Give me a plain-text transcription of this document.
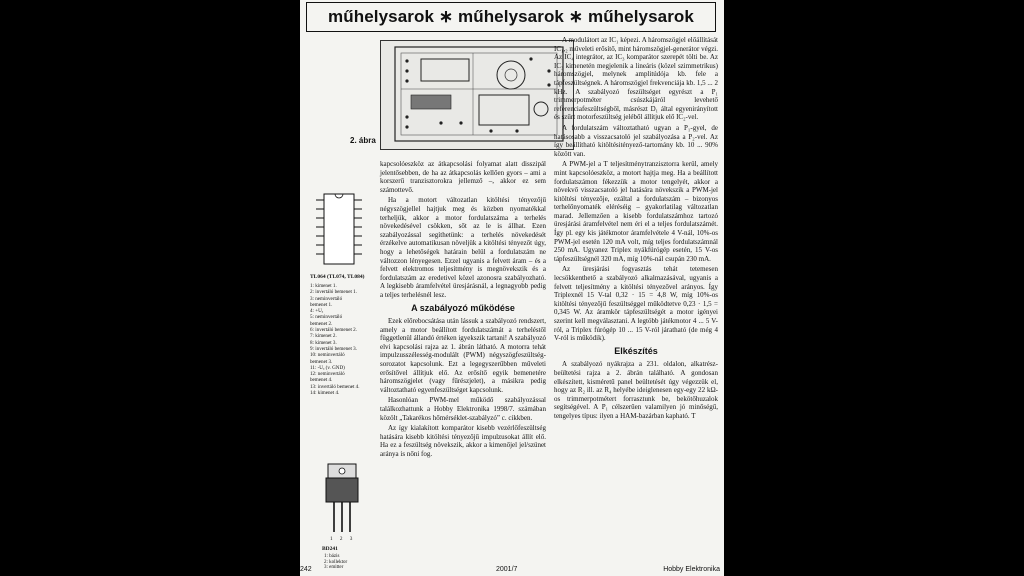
műhelysarok ∗ műhelysarok ∗ műhelysarok
2. ábra
TL064 (TL074, TL084)
1: kimenet 1.
2: invertáló bemenet 1.
3: neminvertáló
bemenet 1.
4: +Uₐ
5: neminvertáló
bemenet 2.
6: invertáló bemenet 2.
7: kimenet 2.
8: kimenet 3.
9: invertáló bemenet 3.
10: neminvertáló
bemenet 3.
11: -Uₐ (v. GND)
12: neminvertáló
bemenet 4.
13: invertáló bemenet 4.
14: kimenet 4.
1 2 3
BD241
1: bázis
2: kollektor
3: emitter

kapcsolóeszköz az átkapcsolási folyamat alatt disszipál jelentősebben, de ha az átkapcsolás kellően gyors – ami a korszerű tranzisztorokra jellemző –, akkor ez sem számottevő.

Ha a motort változatlan kitöltési tényezőjű négyszögjellel hajtjuk meg és közben nyomatékkal terheljük, akkor a motor fordulatszáma a terhelés növekedésével csökken, sőt az le is állhat. Ezen szabályozással segíthetünk: a terhelés növekedését érzékelve automatikusan növeljük a kitöltési tényezőt úgy, hogy a lehetőségek határain belül a fordulatszám ne változzon lényegesen. Ezzel ugyanis a felvett áram – és a felvett elektromos teljesítmény is megnövekszik és a fordulatszám az eredetivel közel azonosra szabályozható. A legkisebb áramfelvétel üresjárásnál, a legnagyobb pedig a teljes terhelésnél lesz.

A szabályozó működése

Ezek előrebocsátása után lássuk a szabályozó rendszert, amely a motor beállított fordulatszámát a terheléstől függetlenül állandó értéken igyekszik tartani! A szabályozó elvi kapcsolási rajza az 1. ábrán látható. A motorra tehát impulzusszélesség-modulált (PWM) négyszögfeszültség-sorozatot kapcsolunk. Ezt a legegyszerűbben műveleti erősítővel állítjuk elő. Az erősítő egyik bemenetére háromszögjelet (vagy fűrészjelet), a másikra pedig változtatható egyenfeszültséget kapcsolunk.

Hasonlóan PWM-mel működő szabályozással találkozhattunk a Hobby Elektronika 1998/7. számában közölt „Takarékos hőmérséklet-szabályzó” c. cikkben.

Az így kialakított komparátor kisebb vezérlőfeszültség hatására kisebb kitöltési tényezőjű impulzusokat állít elő. Ha ez a feszültség növekszik, akkor a kimenőjel jel/szünet aránya is nőni fog.

A modulátort az IC₁ képezi. A háromszögjel előállítását IC₁,₂ műveleti erősítő, mint háromszögjel-generátor végzi. Az IC₄ integrátor, az IC₃ komparátor szerepét tölti be. Az IC₃ kimenetén megjelenik a lineáris (közel szimmetrikus) háromszögjel, melynek amplitúdója kb. fele a tápfeszültségnek. A háromszögjel frekvenciája kb. 1,5 ... 2 kHz. A szabályozó feszültséget egyrészt a P₁ trimmerpotméter csúszkájáról levehető referenciafeszültségből, másrészt D₁ által egyenirányított és szűrt motorfeszültség jeléből állítjuk elő IC₂-vel.

A fordulatszám változtatható ugyan a P₁-gyel, de hatásosabb a visszacsatoló jel szabályozása a P₂-vel. Az így beállítható kitöltésitényező-tartomány kb. 10 ... 90% között van.

A PWM-jel a T teljesítménytranzisztorra kerül, amely mint kapcsolóeszköz, a motort hajtja meg. Ha a beállított fordulatszámon fékezzük a motor tengelyét, akkor a növekvő visszacsatoló jel hatására növekszik a PWM-jel kitöltési tényezője, ezáltal a fordulatszám – bizonyos terhelőnyomaték eléréséig – gyakorlatilag változatlan marad. Jellemzően a kisebb fordulatszámhoz tartozó üresjárási áramfelvétel nem éri el a teljes fordulatszámét. Így pl. egy kis játékmotor áramfelvétele 4 V-nál, 10%-os PWM-jel esetén 120 mA volt, míg teljes fordulatszámnál 250 mA. Ugyanez Triplex nyákfúrógép esetén, 15 V-os tápfeszültségnél 320 mA, míg 10%-nál csupán 230 mA.

Az üresjárási fogyasztás tehát tetemesen lecsökkenthető a szabályozó alkalmazásával, ugyanis a felvett teljesítmény a kitöltési tényezővel arányos. Így Triplexnél 15 V-tal 0,32 · 15 = 4,8 W, míg 10%-os kitöltési tényezőjű feszültséggel működtetve 0,23 · 1,5 = 0,345 W. Az áramkör tápfeszültségét a motor igényei szerint kell megválasztani. A legtöbb játékmotor 4 ... 5 V-ról, a Triplex fúrógép 10 ... 15 V-ról járatható (de még 4 V-ról is működik).

Elkészítés

A szabályozó nyákrajza a 231. oldalon, alkatrész-beültetési rajza a 2. ábrán található. A gondosan elkészített, kisméretű panel beültetését úgy végezzük el, hogy az R₂ ill. az R₄ helyébe ideiglenesen egy-egy 22 kΩ-os trimmerpotmétert forrasztunk be, bekötőhuzalok segítségével. A P₁ célszerűen valamilyen jó minőségű, tengelyes típus: ilyen a HAM-bazárban kapható. T

242	2001/7	Hobby Elektronika
